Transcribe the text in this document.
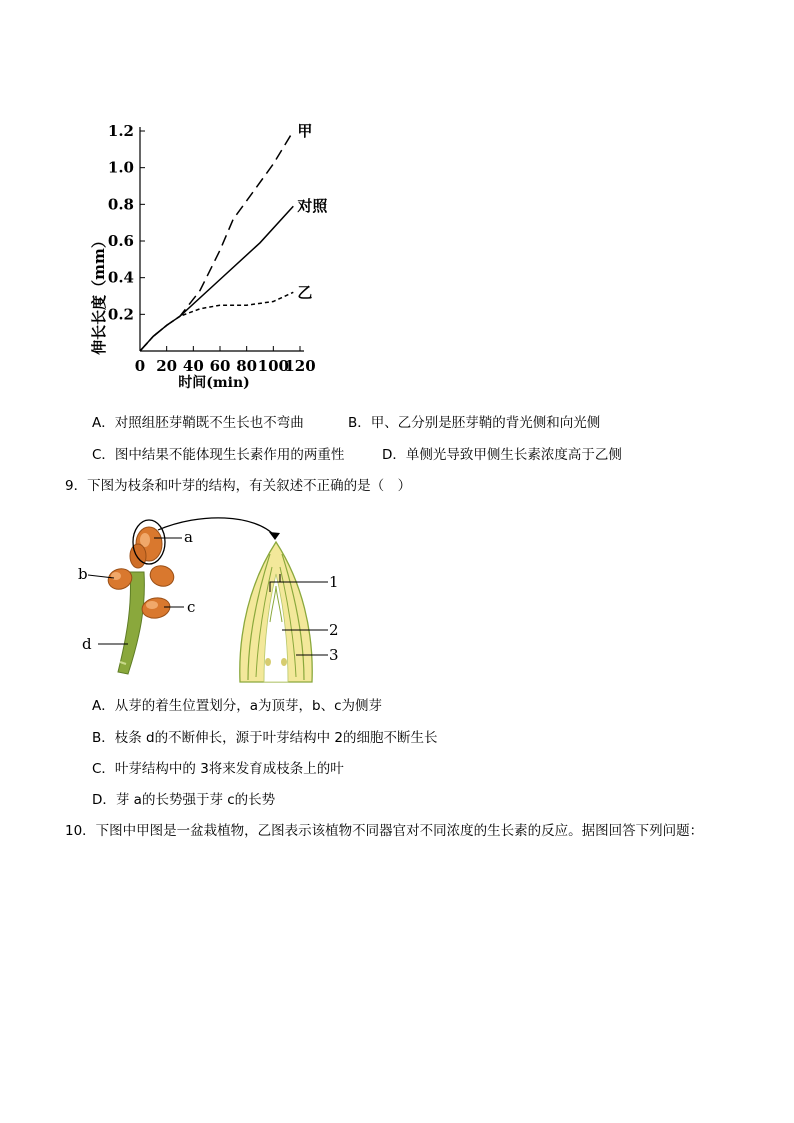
0.2
0.4
0.6
0.8
1.0
1.2
0 20 40 60 80 100
120
甲
对照
乙
伸长长度（mm）
时间(min)
A．对照组胚芽鞘既不生长也不弯曲	B．甲、乙分别是胚芽鞘的背光侧和向光侧
C．图中结果不能体现生长素作用的两重性	D．单侧光导致甲侧生长素浓度高于乙侧
9．下图为枝条和叶芽的结构，有关叙述不正确的是（　）
a
b
c
d
1
2
3
A．从芽的着生位置划分，a为顶芽，b、c为侧芽
B．枝条 d的不断伸长，源于叶芽结构中 2的细胞不断生长
C．叶芽结构中的 3将来发育成枝条上的叶
D．芽 a的长势强于芽 c的长势
10．下图中甲图是一盆栽植物，乙图表示该植物不同器官对不同浓度的生长素的反应。据图回答下列问题：
